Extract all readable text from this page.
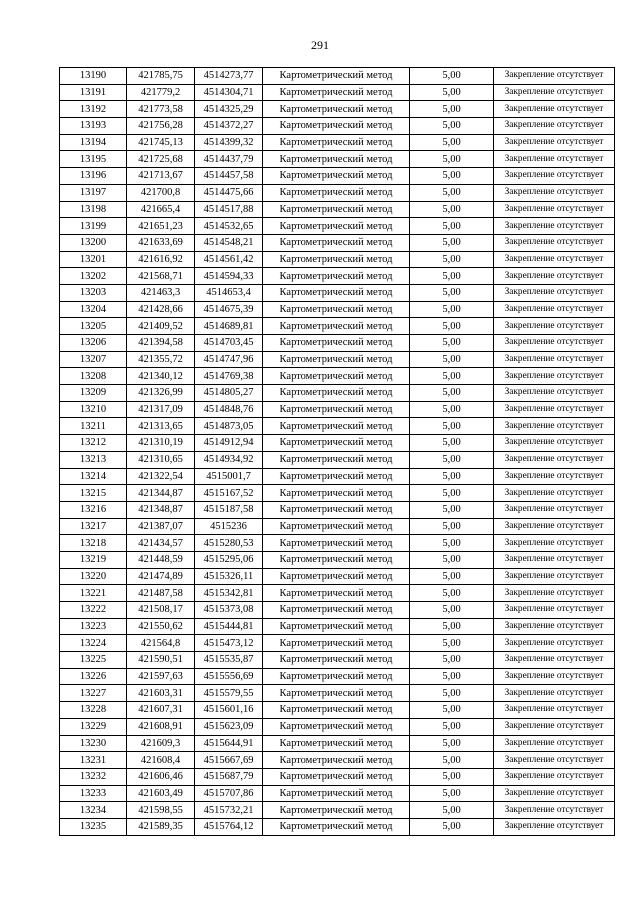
291
13190	421785,75	4514273,77	Картометрический метод	5,00	Закрепление отсутствует
13191	421779,2	4514304,71	Картометрический метод	5,00	Закрепление отсутствует
13192	421773,58	4514325,29	Картометрический метод	5,00	Закрепление отсутствует
13193	421756,28	4514372,27	Картометрический метод	5,00	Закрепление отсутствует
13194	421745,13	4514399,32	Картометрический метод	5,00	Закрепление отсутствует
13195	421725,68	4514437,79	Картометрический метод	5,00	Закрепление отсутствует
13196	421713,67	4514457,58	Картометрический метод	5,00	Закрепление отсутствует
13197	421700,8	4514475,66	Картометрический метод	5,00	Закрепление отсутствует
13198	421665,4	4514517,88	Картометрический метод	5,00	Закрепление отсутствует
13199	421651,23	4514532,65	Картометрический метод	5,00	Закрепление отсутствует
13200	421633,69	4514548,21	Картометрический метод	5,00	Закрепление отсутствует
13201	421616,92	4514561,42	Картометрический метод	5,00	Закрепление отсутствует
13202	421568,71	4514594,33	Картометрический метод	5,00	Закрепление отсутствует
13203	421463,3	4514653,4	Картометрический метод	5,00	Закрепление отсутствует
13204	421428,66	4514675,39	Картометрический метод	5,00	Закрепление отсутствует
13205	421409,52	4514689,81	Картометрический метод	5,00	Закрепление отсутствует
13206	421394,58	4514703,45	Картометрический метод	5,00	Закрепление отсутствует
13207	421355,72	4514747,96	Картометрический метод	5,00	Закрепление отсутствует
13208	421340,12	4514769,38	Картометрический метод	5,00	Закрепление отсутствует
13209	421326,99	4514805,27	Картометрический метод	5,00	Закрепление отсутствует
13210	421317,09	4514848,76	Картометрический метод	5,00	Закрепление отсутствует
13211	421313,65	4514873,05	Картометрический метод	5,00	Закрепление отсутствует
13212	421310,19	4514912,94	Картометрический метод	5,00	Закрепление отсутствует
13213	421310,65	4514934,92	Картометрический метод	5,00	Закрепление отсутствует
13214	421322,54	4515001,7	Картометрический метод	5,00	Закрепление отсутствует
13215	421344,87	4515167,52	Картометрический метод	5,00	Закрепление отсутствует
13216	421348,87	4515187,58	Картометрический метод	5,00	Закрепление отсутствует
13217	421387,07	4515236	Картометрический метод	5,00	Закрепление отсутствует
13218	421434,57	4515280,53	Картометрический метод	5,00	Закрепление отсутствует
13219	421448,59	4515295,06	Картометрический метод	5,00	Закрепление отсутствует
13220	421474,89	4515326,11	Картометрический метод	5,00	Закрепление отсутствует
13221	421487,58	4515342,81	Картометрический метод	5,00	Закрепление отсутствует
13222	421508,17	4515373,08	Картометрический метод	5,00	Закрепление отсутствует
13223	421550,62	4515444,81	Картометрический метод	5,00	Закрепление отсутствует
13224	421564,8	4515473,12	Картометрический метод	5,00	Закрепление отсутствует
13225	421590,51	4515535,87	Картометрический метод	5,00	Закрепление отсутствует
13226	421597,63	4515556,69	Картометрический метод	5,00	Закрепление отсутствует
13227	421603,31	4515579,55	Картометрический метод	5,00	Закрепление отсутствует
13228	421607,31	4515601,16	Картометрический метод	5,00	Закрепление отсутствует
13229	421608,91	4515623,09	Картометрический метод	5,00	Закрепление отсутствует
13230	421609,3	4515644,91	Картометрический метод	5,00	Закрепление отсутствует
13231	421608,4	4515667,69	Картометрический метод	5,00	Закрепление отсутствует
13232	421606,46	4515687,79	Картометрический метод	5,00	Закрепление отсутствует
13233	421603,49	4515707,86	Картометрический метод	5,00	Закрепление отсутствует
13234	421598,55	4515732,21	Картометрический метод	5,00	Закрепление отсутствует
13235	421589,35	4515764,12	Картометрический метод	5,00	Закрепление отсутствует
